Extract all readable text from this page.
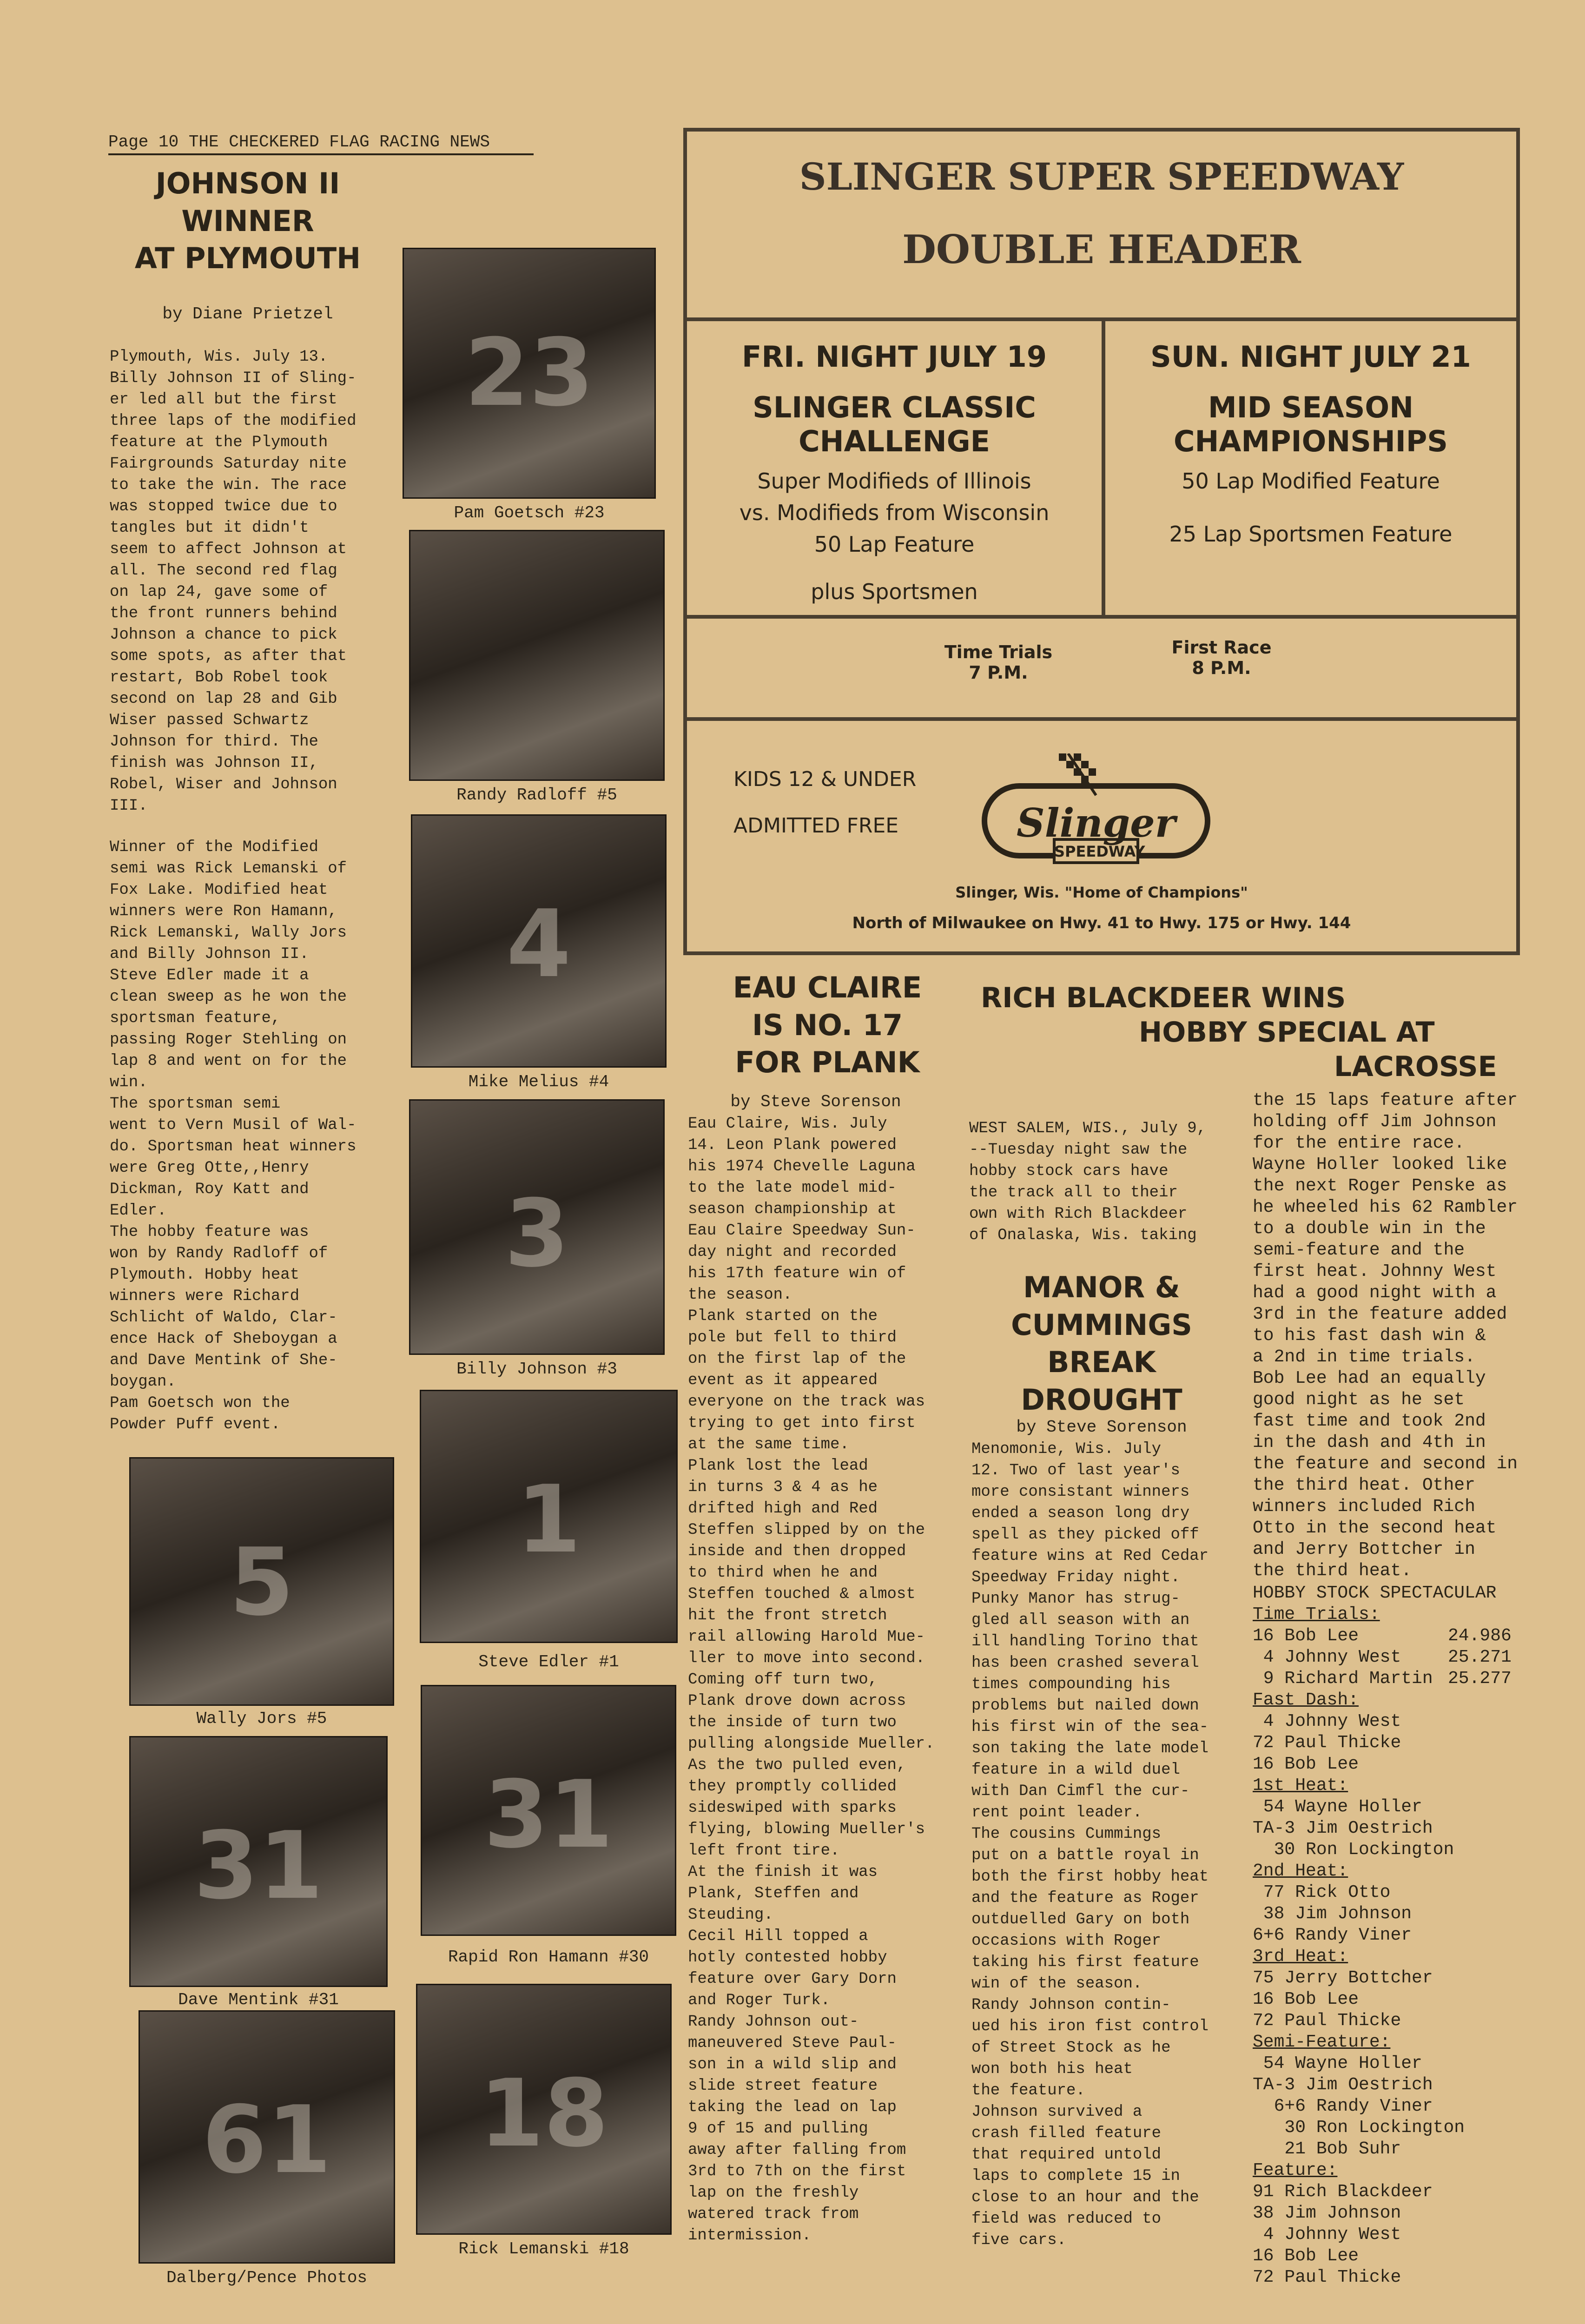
Page 10 THE CHECKERED FLAG RACING NEWS
JOHNSON II
WINNER
AT PLYMOUTH
by Diane Prietzel
Plymouth, Wis. July 13.
Billy Johnson II of Sling-
er led all but the first
three laps of the modified
feature at the Plymouth
Fairgrounds Saturday nite
to take the win. The race
was stopped twice due to
tangles but it didn't
seem to affect Johnson at
all. The second red flag
on lap 24, gave some of
the front runners behind
Johnson a chance to pick
some spots, as after that
restart, Bob Robel took
second on lap 28 and Gib
Wiser passed Schwartz
Johnson for third. The
finish was Johnson II,
Robel, Wiser and Johnson
III.
Winner of the Modified
semi was Rick Lemanski of
Fox Lake. Modified heat
winners were Ron Hamann,
Rick Lemanski, Wally Jors
and Billy Johnson II.
Steve Edler made it a
clean sweep as he won the
sportsman feature,
passing Roger Stehling on
lap 8 and went on for the
win.
The sportsman semi
went to Vern Musil of Wal-
do. Sportsman heat winners
were Greg Otte,,Henry
Dickman, Roy Katt and
Edler.
The hobby feature was
won by Randy Radloff of
Plymouth. Hobby heat
winners were Richard
Schlicht of Waldo, Clar-
ence Hack of Sheboygan a
and Dave Mentink of She-
boygan.
Pam Goetsch won the
Powder Puff event.
23
Pam Goetsch #23
Randy Radloff #5
4
Mike Melius #4
3
Billy Johnson #3
1
Steve Edler #1
31
Rapid Ron Hamann #30
18
Rick Lemanski #18
5
Wally Jors #5
31
Dave Mentink #31
61
Dalberg/Pence Photos
SLINGER SUPER SPEEDWAY
DOUBLE HEADER
FRI. NIGHT JULY 19
SLINGER CLASSIC
CHALLENGE
Super Modifieds of Illinois
vs. Modifieds from Wisconsin
50 Lap Feature
plus Sportsmen
SUN. NIGHT JULY 21
MID SEASON
CHAMPIONSHIPS
50 Lap Modified Feature
25 Lap Sportsmen Feature
Time Trials
7 P.M.
First Race
8 P.M.
KIDS 12 & UNDER
ADMITTED FREE	Slinger
SPEEDWAY
Slinger, Wis. "Home of Champions"
North of Milwaukee on Hwy. 41 to Hwy. 175 or Hwy. 144
EAU CLAIRE
IS NO. 17
FOR PLANK
by Steve Sorenson
Eau Claire, Wis. July
14. Leon Plank powered
his 1974 Chevelle Laguna
to the late model mid-
season championship at
Eau Claire Speedway Sun-
day night and recorded
his 17th feature win of
the season.
Plank started on the
pole but fell to third
on the first lap of the
event as it appeared
everyone on the track was
trying to get into first
at the same time.
Plank lost the lead
in turns 3 & 4 as he
drifted high and Red
Steffen slipped by on the
inside and then dropped
to third when he and
Steffen touched & almost
hit the front stretch
rail allowing Harold Mue-
ller to move into second.
Coming off turn two,
Plank drove down across
the inside of turn two
pulling alongside Mueller.
As the two pulled even,
they promptly collided
sideswiped with sparks
flying, blowing Mueller's
left front tire.
At the finish it was
Plank, Steffen and
Steuding.
Cecil Hill topped a
hotly contested hobby
feature over Gary Dorn
and Roger Turk.
Randy Johnson out-
maneuvered Steve Paul-
son in a wild slip and
slide street feature
taking the lead on lap
9 of 15 and pulling
away after falling from
3rd to 7th on the first
lap on the freshly
watered track from
intermission.
RICH BLACKDEER WINS
HOBBY SPECIAL AT
LACROSSE
WEST SALEM, WIS., July 9,
--Tuesday night saw the
hobby stock cars have
the track all to their
own with Rich Blackdeer
of Onalaska, Wis. taking
MANOR &
CUMMINGS
BREAK
DROUGHT
by Steve Sorenson
Menomonie, Wis. July
12. Two of last year's
more consistant winners
ended a season long dry
spell as they picked off
feature wins at Red Cedar
Speedway Friday night.
Punky Manor has strug-
gled all season with an
ill handling Torino that
has been crashed several
times compounding his
problems but nailed down
his first win of the sea-
son taking the late model
feature in a wild duel
with Dan Cimfl the cur-
rent point leader.
The cousins Cummings
put on a battle royal in
both the first hobby heat
and the feature as Roger
outduelled Gary on both
occasions with Roger
taking his first feature
win of the season.
Randy Johnson contin-
ued his iron fist control
of Street Stock as he
won both his heat
the feature.
Johnson survived a
crash filled feature
that required untold
laps to complete 15 in
close to an hour and the
field was reduced to
five cars.
the 15 laps feature after
holding off Jim Johnson
for the entire race.
Wayne Holler looked like
the next Roger Penske as
he wheeled his 62 Rambler
to a double win in the
semi-feature and the
first heat. Johnny West
had a good night with a
3rd in the feature added
to his fast dash win &
a 2nd in time trials.
Bob Lee had an equally
good night as he set
fast time and took 2nd
in the dash and 4th in
the feature and second in
the third heat. Other
winners included Rich
Otto in the second heat
and Jerry Bottcher in
the third heat.
HOBBY STOCK SPECTACULAR
Time Trials:
16 Bob Lee	24.986
4 Johnny West	25.271
9 Richard Martin 25.277
Fast Dash:
4 Johnny West
72 Paul Thicke
16 Bob Lee
1st Heat:
54 Wayne Holler
TA-3 Jim Oestrich
30 Ron Lockington
2nd Heat:
77 Rick Otto
38 Jim Johnson
6+6 Randy Viner
3rd Heat:
75 Jerry Bottcher
16 Bob Lee
72 Paul Thicke
Semi-Feature:
54 Wayne Holler
TA-3 Jim Oestrich
6+6 Randy Viner
30 Ron Lockington
21 Bob Suhr
Feature:
91 Rich Blackdeer
38 Jim Johnson
4 Johnny West
16 Bob Lee
72 Paul Thicke
